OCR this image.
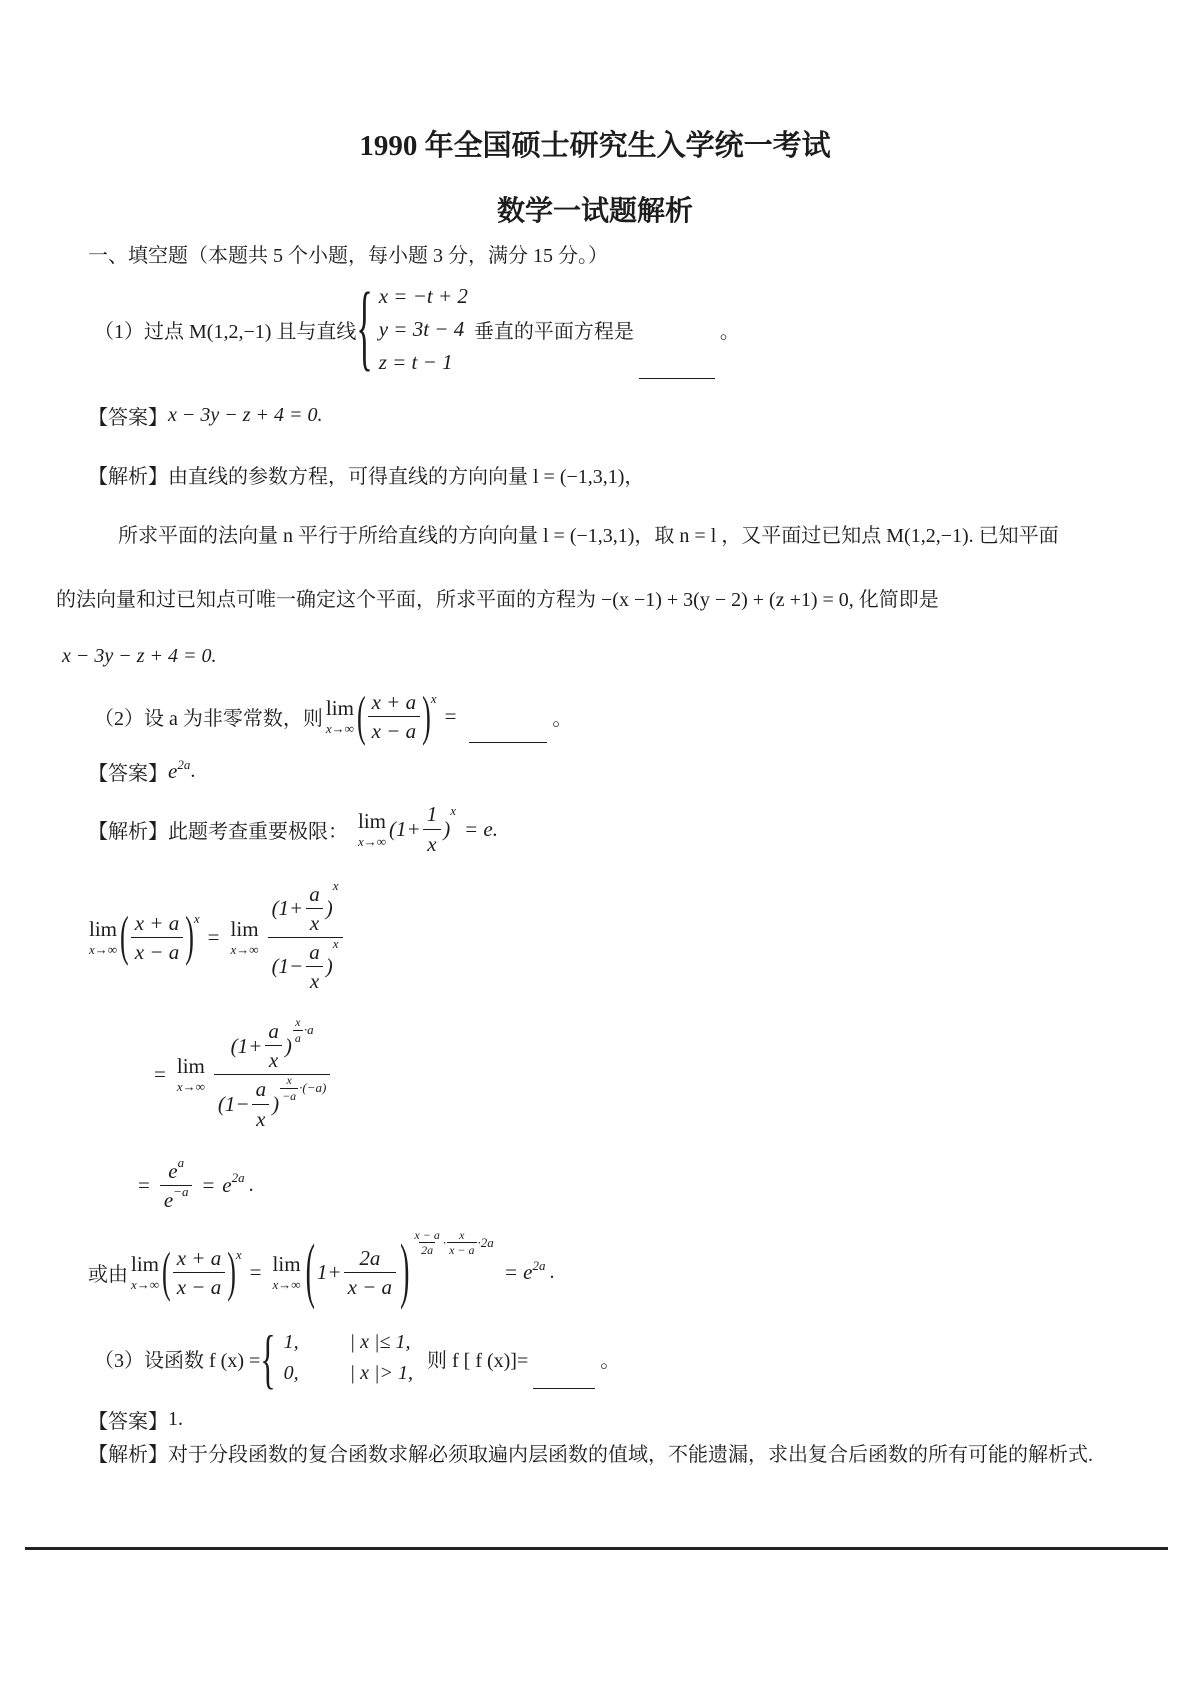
1990 年全国硕士研究生入学统一考试
数学一试题解析
一、填空题（本题共 5 个小题，每小题 3 分，满分 15 分。）
（1）过点 M(1,2,−1) 且与直线 { x = −t + 2
y = 3t − 4
z = t − 1
垂直的平面方程是	。
【答案】 x − 3y − z + 4 = 0.
【解析】 由直线的参数方程，可得直线的方向向量 l = (−1,3,1)，
所求平面的法向量 n 平行于所给直线的方向向量 l = (−1,3,1)，取 n = l ，又平面过已知点 M(1,2,−1). 已知平面
的法向量和过已知点可唯一确定这个平面，所求平面的方程为 −(x −1) + 3(y − 2) + (z +1) = 0, 化简即是
x − 3y − z + 4 = 0.
（2）设 a 为非零常数，则 lim
x→∞ ( $\frac{x + a}{x - a}$ ) x
=	。
【答案】 e 2a .
【解析】 此题考查重要极限： lim
x→∞
($1+ \frac{1}{x}$ )
x
= e.
lim
x→∞ ( $\frac{x + a}{x - a}$ ) x
= lim
x→∞
($1+ \frac{a}{x}$ )
x
($1- \frac{a}{x}$ )
x
= lim
x→∞
($1+ \frac{a}{x}$ )
$\frac{x}{a} \cdot a$
($1- \frac{a}{x}$ )
$\frac{x}{-a} \cdot(-a)$
= $\frac{\text{e a}}{e -a} = e$ 2a .
或由 lim
x→∞ ( $\frac{x + a}{x - a}$ ) x
= lim
x→∞ ( $1+ \frac{2a}{x - a}$ ) $\frac{x - a}{2a} \cdot \frac{x}{x - a} \cdot 2a$
= e 2a .
（3）设函数 f (x) = { 1,	| x |≤ 1,
0,	| x |> 1,
则 f [ f (x)]=	。
【答案】 1.
【解析】 对于分段函数的复合函数求解必须取遍内层函数的值域，不能遗漏，求出复合后函数的所有可能的解析式.
